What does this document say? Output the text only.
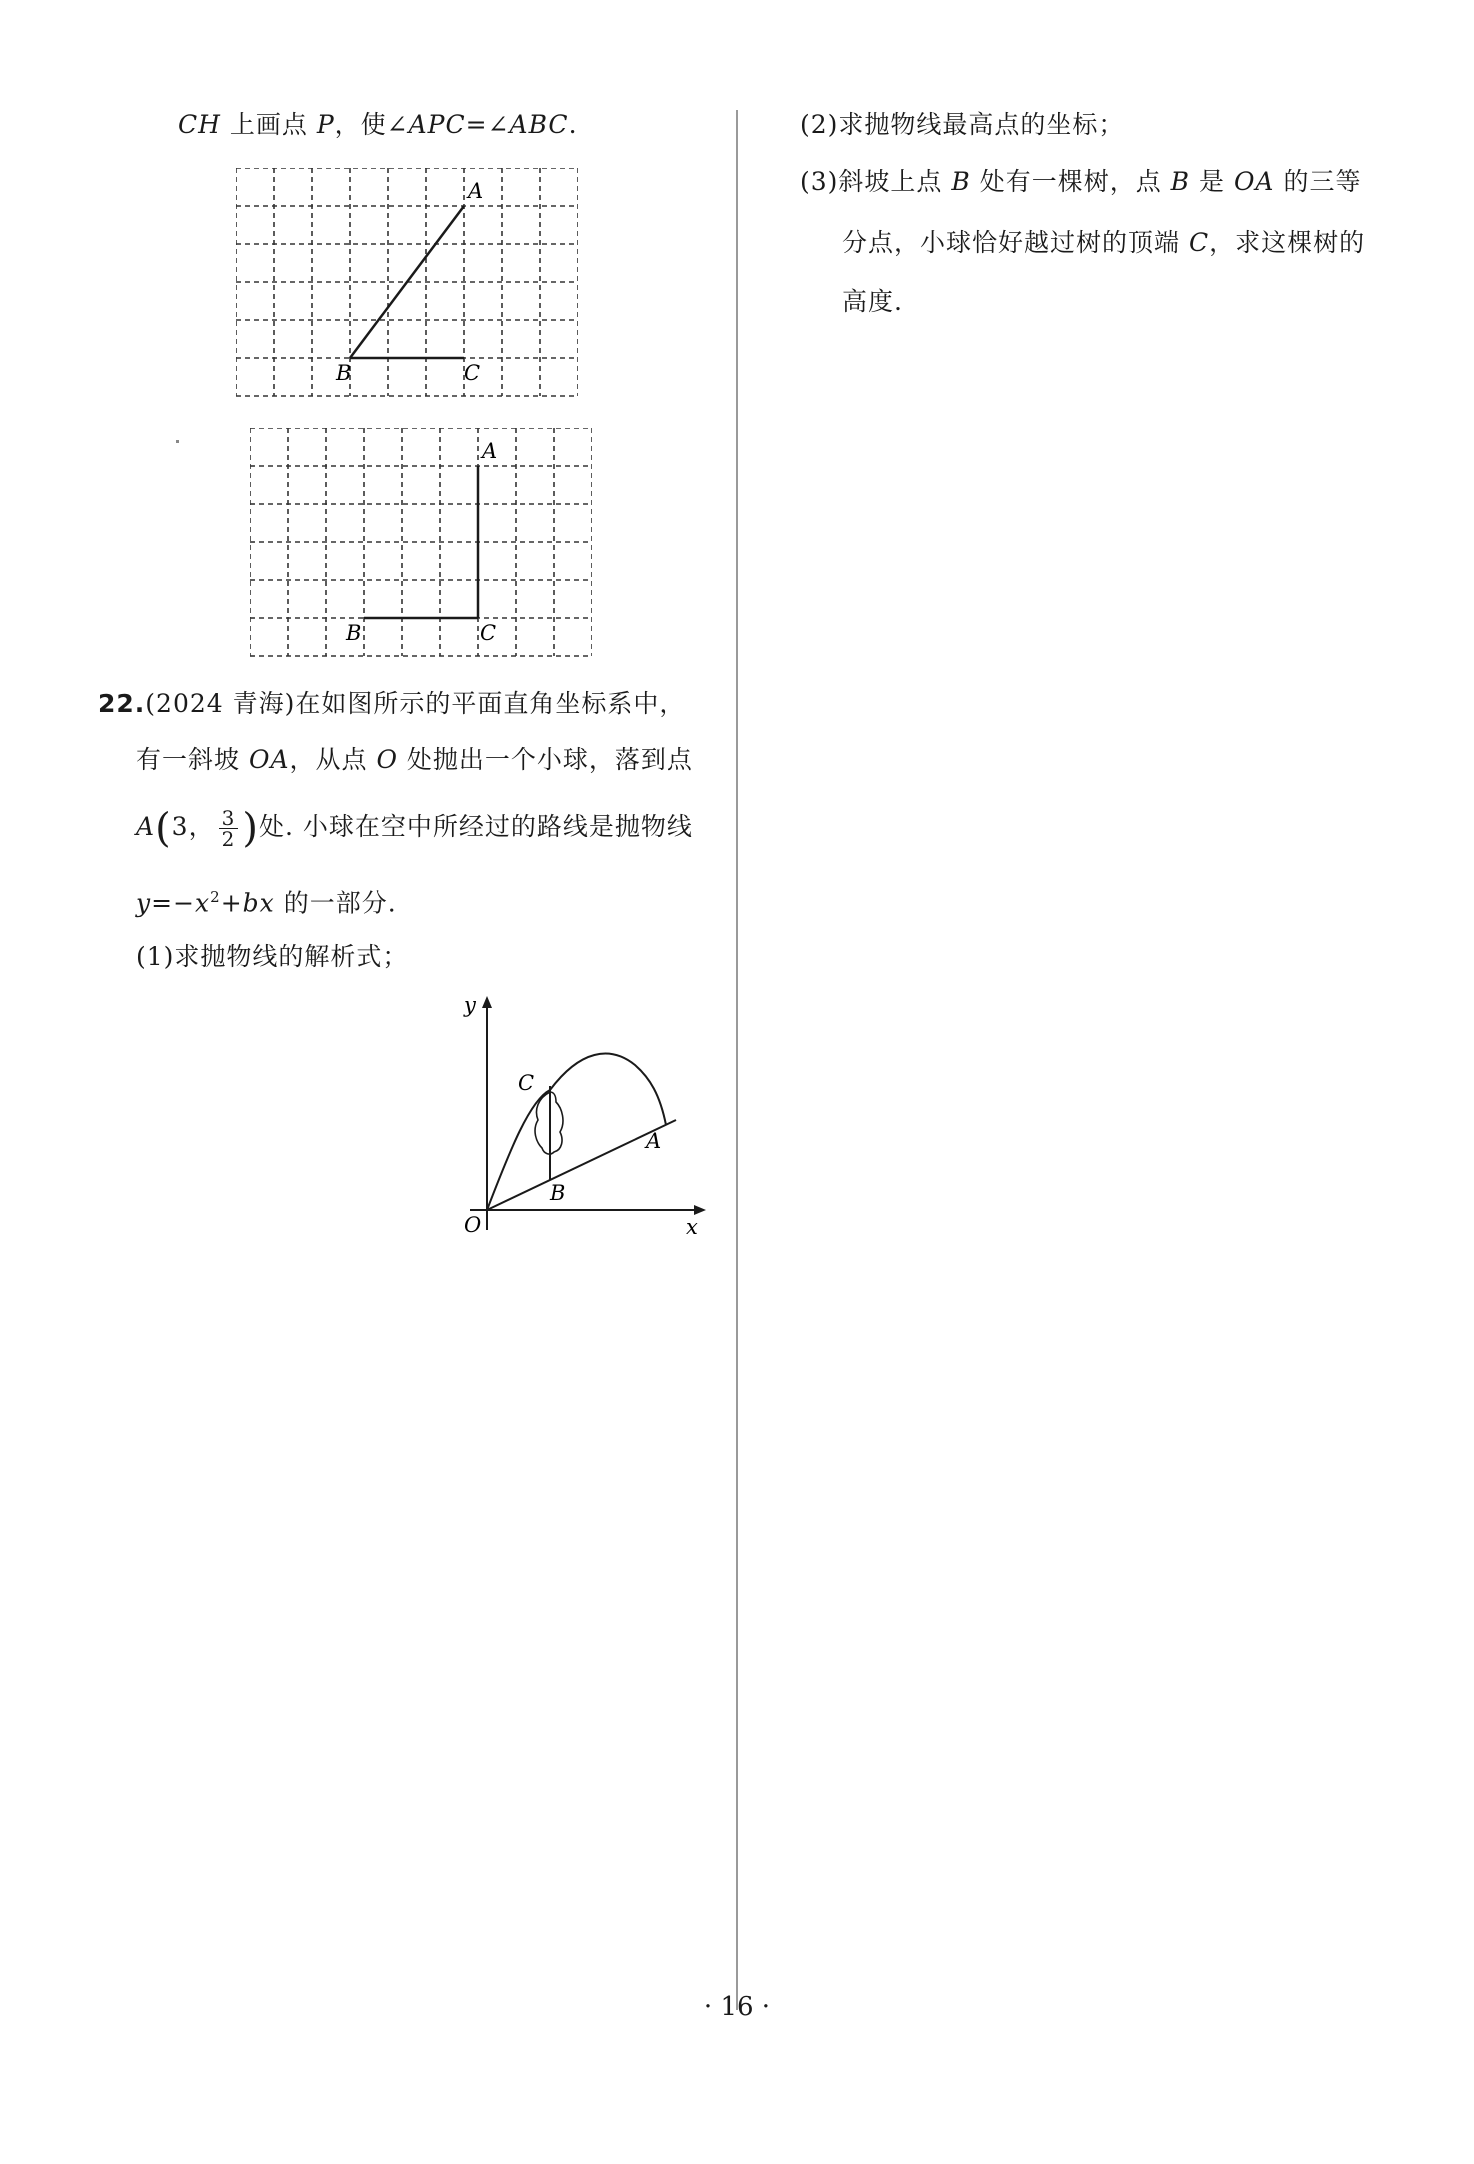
CH 上画点 P，使∠APC=∠ABC.
A
B	C
A
B	C
22.(2024 青海)在如图所示的平面直角坐标系中，
有一斜坡 OA，从点 O 处抛出一个小球，落到点
A(3， $\frac{3}{2}$ )处. 小球在空中所经过的路线是抛物线
$y=-x^2+bx$ 的一部分.
(1)求抛物线的解析式；
y
x
O
A
B
C
(2)求抛物线最高点的坐标；
(3)斜坡上点 B 处有一棵树，点 B 是 OA 的三等
分点，小球恰好越过树的顶端 C，求这棵树的
高度.
· 16 ·
